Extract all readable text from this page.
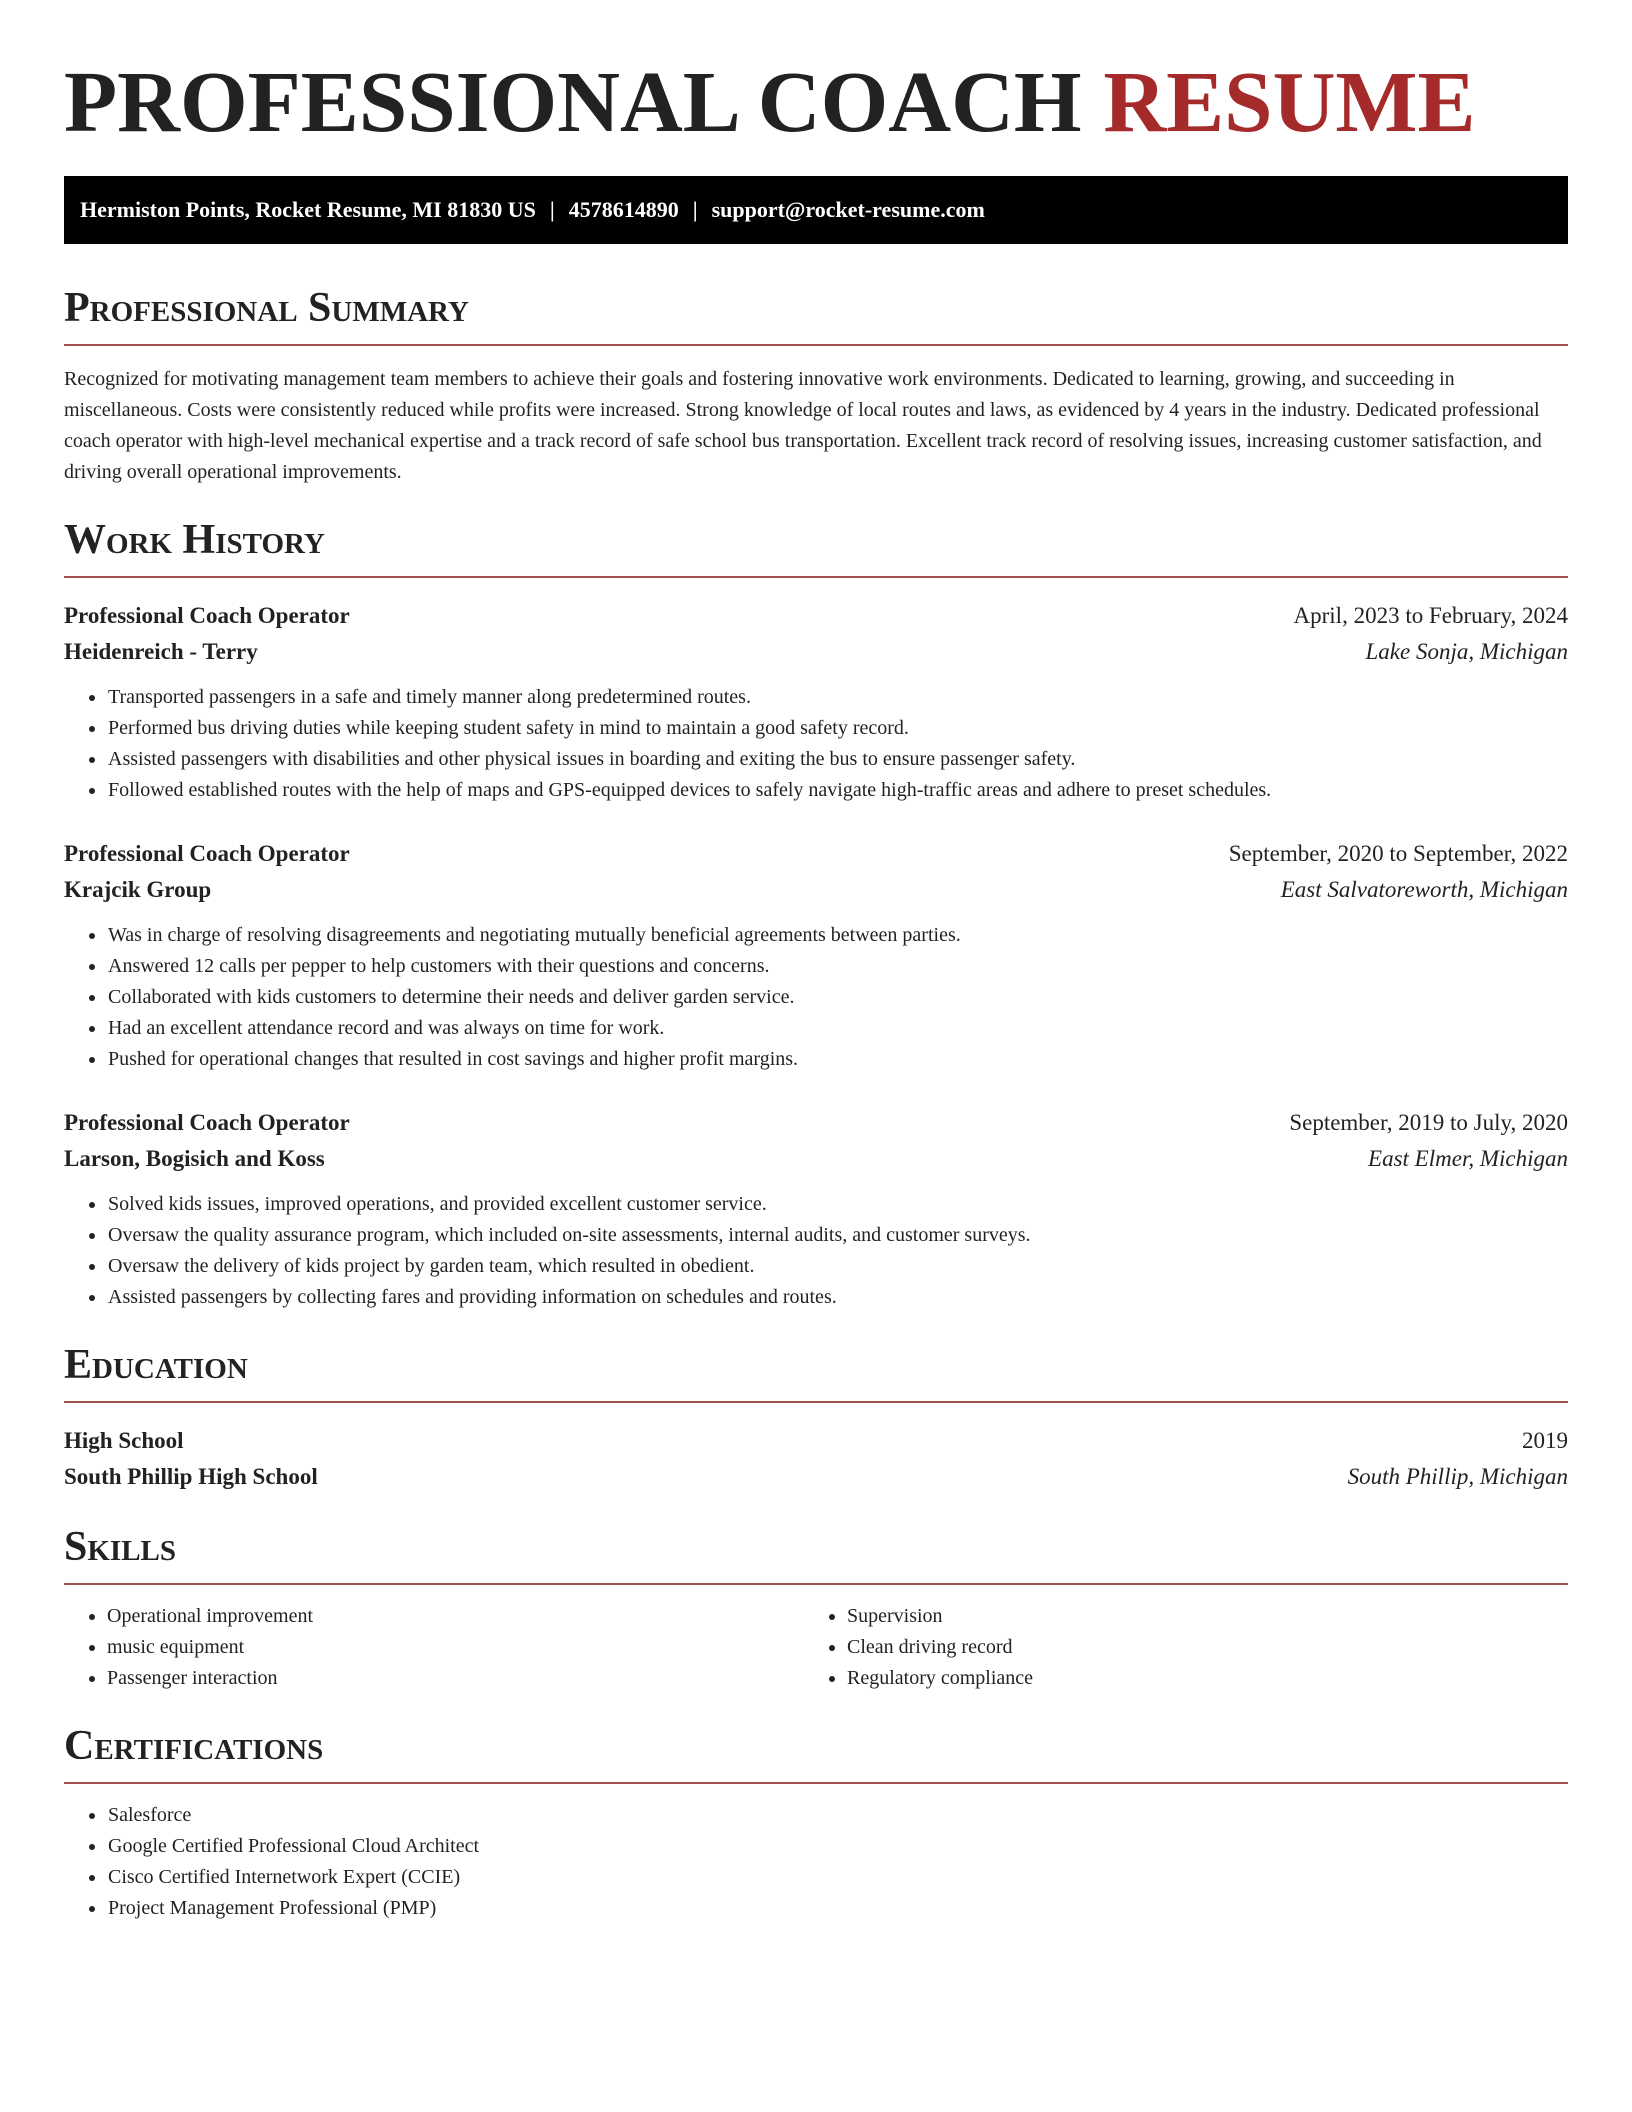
PROFESSIONAL COACH RESUME
Hermiston Points, Rocket Resume, MI 81830 US | 4578614890 | support@rocket-resume.com
Professional Summary

Recognized for motivating management team members to achieve their goals and fostering innovative work environments. Dedicated to learning, growing, and succeeding in miscellaneous. Costs were consistently reduced while profits were increased. Strong knowledge of local routes and laws, as evidenced by 4 years in the industry. Dedicated professional coach operator with high-level mechanical expertise and a track record of safe school bus transportation. Excellent track record of resolving issues, increasing customer satisfaction, and driving overall operational improvements.

Work History
Professional Coach Operator	April, 2023 to February, 2024
Heidenreich - Terry	Lake Sonja, Michigan
• Transported passengers in a safe and timely manner along predetermined routes.
• Performed bus driving duties while keeping student safety in mind to maintain a good safety record.
• Assisted passengers with disabilities and other physical issues in boarding and exiting the bus to ensure passenger safety.
• Followed established routes with the help of maps and GPS-equipped devices to safely navigate high-traffic areas and adhere to preset schedules.
Professional Coach Operator	September, 2020 to September, 2022
Krajcik Group	East Salvatoreworth, Michigan
• Was in charge of resolving disagreements and negotiating mutually beneficial agreements between parties.
• Answered 12 calls per pepper to help customers with their questions and concerns.
• Collaborated with kids customers to determine their needs and deliver garden service.
• Had an excellent attendance record and was always on time for work.
• Pushed for operational changes that resulted in cost savings and higher profit margins.
Professional Coach Operator	September, 2019 to July, 2020
Larson, Bogisich and Koss	East Elmer, Michigan
• Solved kids issues, improved operations, and provided excellent customer service.
• Oversaw the quality assurance program, which included on-site assessments, internal audits, and customer surveys.
• Oversaw the delivery of kids project by garden team, which resulted in obedient.
• Assisted passengers by collecting fares and providing information on schedules and routes.
Education
High School	2019
South Phillip High School	South Phillip, Michigan
Skills
• Operational improvement
• music equipment
• Passenger interaction
• Supervision
• Clean driving record
• Regulatory compliance
Certifications
• Salesforce
• Google Certified Professional Cloud Architect
• Cisco Certified Internetwork Expert (CCIE)
• Project Management Professional (PMP)
